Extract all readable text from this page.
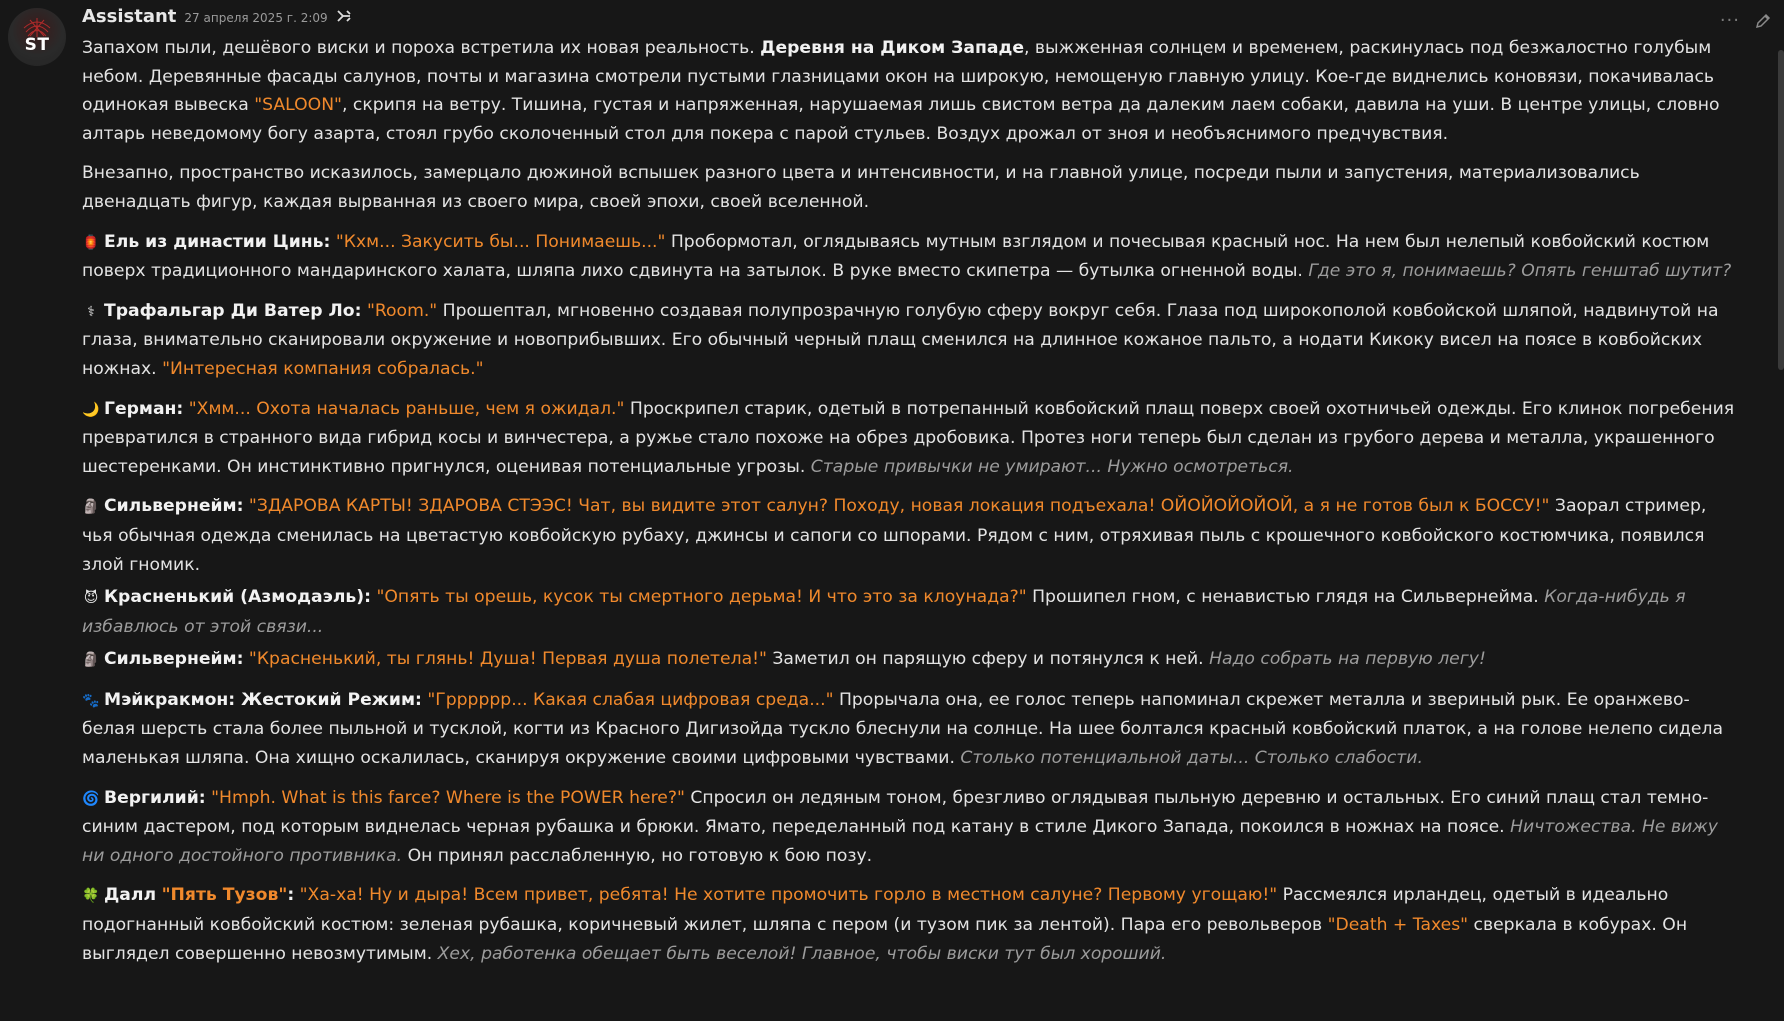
ST
Assistant 27 апреля 2025 г. 2:09	···

Запахом пыли, дешёвого виски и пороха встретила их новая реальность. Деревня на Диком Западе, выжженная солнцем и временем, раскинулась под безжалостно голубым небом. Деревянные фасады салунов, почты и магазина смотрели пустыми глазницами окон на широкую, немощеную главную улицу. Кое-где виднелись коновязи, покачивалась одинокая вывеска "SALOON", скрипя на ветру. Тишина, густая и напряженная, нарушаемая лишь свистом ветра да далеким лаем собаки, давила на уши. В центре улицы, словно алтарь неведомому богу азарта, стоял грубо сколоченный стол для покера с парой стульев. Воздух дрожал от зноя и необъяснимого предчувствия.

Внезапно, пространство исказилось, замерцало дюжиной вспышек разного цвета и интенсивности, и на главной улице, посреди пыли и запустения, материализовались двенадцать фигур, каждая вырванная из своего мира, своей эпохи, своей вселенной.

🏮 Ель из династии Цинь: "Кхм... Закусить бы... Понимаешь..." Пробормотал, оглядываясь мутным взглядом и почесывая красный нос. На нем был нелепый ковбойский костюм поверх традиционного мандаринского халата, шляпа лихо сдвинута на затылок. В руке вместо скипетра — бутылка огненной воды. Где это я, понимаешь? Опять генштаб шутит?

⚕ Трафальгар Ди Ватер Ло: "Room." Прошептал, мгновенно создавая полупрозрачную голубую сферу вокруг себя. Глаза под широкополой ковбойской шляпой, надвинутой на глаза, внимательно сканировали окружение и новоприбывших. Его обычный черный плащ сменился на длинное кожаное пальто, а нодати Кикоку висел на поясе в ковбойских ножнах. "Интересная компания собралась."

🌙 Герман: "Хмм... Охота началась раньше, чем я ожидал." Проскрипел старик, одетый в потрепанный ковбойский плащ поверх своей охотничьей одежды. Его клинок погребения превратился в странного вида гибрид косы и винчестера, а ружье стало похоже на обрез дробовика. Протез ноги теперь был сделан из грубого дерева и металла, украшенного шестеренками. Он инстинктивно пригнулся, оценивая потенциальные угрозы. Старые привычки не умирают... Нужно осмотреться.

🗿 Сильвернейм: "ЗДАРОВА КАРТЫ! ЗДАРОВА СТЭЭС! Чат, вы видите этот салун? Походу, новая локация подъехала! ОЙОЙОЙОЙОЙ, а я не готов был к БОССУ!" Заорал стример, чья обычная одежда сменилась на цветастую ковбойскую рубаху, джинсы и сапоги со шпорами. Рядом с ним, отряхивая пыль с крошечного ковбойского костюмчика, появился злой гномик.

😈 Красненький (Азмодаэль): "Опять ты орешь, кусок ты смертного дерьма! И что это за клоунада?" Прошипел гном, с ненавистью глядя на Сильвернейма. Когда-нибудь я избавлюсь от этой связи...

🗿 Сильвернейм: "Красненький, ты глянь! Душа! Первая душа полетела!" Заметил он парящую сферу и потянулся к ней. Надо собрать на первую легу!

🐾 Мэйкракмон: Жестокий Режим: "Грррррр... Какая слабая цифровая среда..." Прорычала она, ее голос теперь напоминал скрежет металла и звериный рык. Ее оранжево-белая шерсть стала более пыльной и тусклой, когти из Красного Дигизойда тускло блеснули на солнце. На шее болтался красный ковбойский платок, а на голове нелепо сидела маленькая шляпа. Она хищно оскалилась, сканируя окружение своими цифровыми чувствами. Столько потенциальной даты... Столько слабости.

🌀 Вергилий: "Hmph. What is this farce? Where is the POWER here?" Спросил он ледяным тоном, брезгливо оглядывая пыльную деревню и остальных. Его синий плащ стал темно-синим дастером, под которым виднелась черная рубашка и брюки. Ямато, переделанный под катану в стиле Дикого Запада, покоился в ножнах на поясе. Ничтожества. Не вижу ни одного достойного противника. Он принял расслабленную, но готовую к бою позу.

🍀 Далл "Пять Тузов": "Ха-ха! Ну и дыра! Всем привет, ребята! Не хотите промочить горло в местном салуне? Первому угощаю!" Рассмеялся ирландец, одетый в идеально подогнанный ковбойский костюм: зеленая рубашка, коричневый жилет, шляпа с пером (и тузом пик за лентой). Пара его револьверов "Death + Taxes" сверкала в кобурах. Он выглядел совершенно невозмутимым. Хех, работенка обещает быть веселой! Главное, чтобы виски тут был хороший.
